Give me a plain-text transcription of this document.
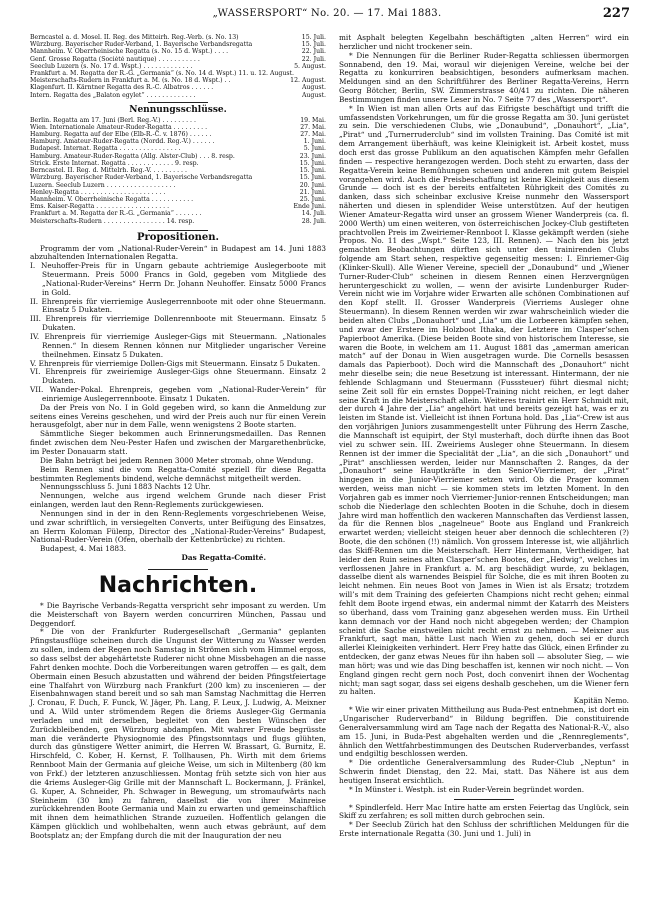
„WASSERSPORT“ No. 20. — 17. Mai 1883.	227
Berncastel a. d. Mosel. II. Reg. des Mitteirh. Reg.-Verb. (s. No. 13)	15. Juli.
Würzburg. Bayerischer Ruder-Verband, 1. Bayerische Verbandsregatta	15. Juli.
Mannheim. V. Oberrheinische Regatta (s. No. 15 d. Wspt.) . . . .	22. Juli.
Genf. Grosse Regatta (Société nautique) . . . . . . . . . . .	22. Juli.
Seeclub Luzern (s. No. 17 d. Wspt.) . . . . . . . . . . . . .	5. August.
Frankfurt a. M. Regatta der R.-G. „Germania“ (s. No. 14 d. Wspt.) 11. u. 12. August.
Meisterschafts-Rudern in Frankfurt a. M. (s. No. 18 d. Wspt.) . .	12. August.
Klagenfurt. II. Kärntner Regatta des R.-C. Albatros . . . . . .	August.
Intern. Regatta des „Balaton egylet“ . . . . . . . . . . . . .	August.
Nennungsschlüsse.
Berlin. Regatta am 17. Juni (Berl. Reg.-V.) . . . . . . . . .	19. Mai.
Wien. Internationale Amateur-Ruder-Regatta . . . . . . . . .	27. Mai.
Hamburg. Regatta auf der Elbe (Elb-R.-C. v. 1876) . . . . . .	27. Mai.
Hamburg. Amateur-Ruder-Regatta (Nordd. Reg.-V.) . . . . . .	1. Juni.
Budapest. Internat. Regatta . . . . . . . . . . . . . . . .	5. Juni.
Hamburg. Amateur-Ruder-Regatta (Allg. Alster-Club) . . . 8. resp.	23. Juni.
Strick. Erste Internat. Regatta . . . . . . . . . . . . 9. resp.	15. Juni.
Berncastel. II. Reg. d. Mittelrh. Reg.-V. . . . . . . . . .	15. Juni.
Würzburg. Bayerischer Ruder-Verband, 1. Bayerische Verbandsregatta	15. Juni.
Luzern. Seeclub Luzern . . . . . . . . . . . . . . . . . .	20. Juni.
Henley-Regatta . . . . . . . . . . . . . . . . . . . . . .	21. Juni.
Mannheim. V. Oberrheinische Regatta . . . . . . . . . . .	25. Juni.
Ems. Kaiser-Regatta . . . . . . . . . . . . . . . . . . .	Ende Juni.
Frankfurt a. M. Regatta der R.-G. „Germania“ . . . . . . .	14. Juli.
Meisterschafts-Rudern . . . . . . . . . . . . . . . . 14. resp.	28. Juli.
Propositionen.

Programm der vom „National-Ruder-Verein“ in Budapest am 14. Juni 1883 abzuhaltenden Internationalen Regatta.

I. Neuhoffer-Preis für in Ungarn gebaute achtriemige Auslegerboote mit Steuermann. Preis 5000 Francs in Gold, gegeben vom Mitgliede des „National-Ruder-Vereins“ Herrn Dr. Johann Neuhoffer. Einsatz 5000 Francs in Gold.

II. Ehrenpreis für vierriemige Auslegerrennboote mit oder ohne Steuermann. Einsatz 5 Dukaten.

III. Ehrenpreis für vierriemige Dollenrennboote mit Steuermann. Einsatz 5 Dukaten.

IV. Ehrenpreis für vierriemige Ausleger-Gigs mit Steuermann. „Nationales Rennen.“ In diesem Rennen können nur Mitglieder ungarischer Vereine theilnehmen. Einsatz 5 Dukaten.

V. Ehrenpreis für vierriemige Dollen-Gigs mit Steuermann. Einsatz 5 Dukaten.

VI. Ehrenpreis für zweiriemige Ausleger-Gigs ohne Steuermann. Einsatz 2 Dukaten.

VII. Wander-Pokal. Ehrenpreis, gegeben vom „National-Ruder-Verein“ für einriemige Auslegerrennboote. Einsatz 1 Dukaten.

Da der Preis von No. I in Gold gegeben wird, so kann die Anmeldung zur seitens eines Vereins geschehen, und wird der Preis auch nur für einen Verein herausgefolgt, aber nur in dem Falle, wenn wenigstens 2 Boote starten.

Sämmtliche Sieger bekommen auch Erinnerungsmedaillen. Das Rennen findet zwischen dem Neu-Pester Hafen und zwischen der Margarethenbrücke, im Pester Donauarm statt.

Die Bahn beträgt bei jedem Rennen 3000 Meter stromab, ohne Wendung.

Beim Rennen sind die vom Regatta-Comité speziell für diese Regatta bestimmten Reglements bindend, welche demnächst mitgetheilt werden.

Nennungsschluss 5. Juni 1883 Nachts 12 Uhr.

Nennungen, welche aus irgend welchem Grunde nach dieser Frist einlangen, werden laut den Renn-Reglements zurückgewiesen.

Nennungen sind in der in den Renn-Reglements vorgeschriebenen Weise, und zwar schriftlich, in versiegelten Converts, unter Beifügung des Einsatzes, an Herrn Koloman Füleпp, Director des „National-Ruder-Vereins“ Budapest, National-Ruder-Verein (Ofen, oberhalb der Kettenbrücke) zu richten.

Budapest, 4. Mai 1883.

Das Regatta-Comité.
Nachrichten.

* Die Bayrische Verbands-Regatta verspricht sehr imposant zu werden. Um die Meisterschaft von Bayern werden concurriren München, Passau und Deggendorf.

* Die von der Frankfurter Rudergesellschaft „Germania“ geplanten Pfingstausflüge scheinen durch die Ungunst der Witterung zu Wasser werden zu sollen, indem der Regen noch Samstag in Strömen sich vom Himmel ergoss, so dass selbst der abgehärtetste Ruderer nicht ohne Missbehagen an die nasse Fahrt denken mochte. Doch die Vorbereitungen waren getroffen — es galt, dem Obermain einen Besuch abzustatten und während der beiden Pfingstfeiertage eine Thalfahrt von Würzburg nach Frankfurt (200 km) zu inscenieren — der Eisenbahnwagen stand bereit und so sah man Samstag Nachmittag die Herren J. Cronau, F. Duch, F. Funck, W. Jäger, Ph. Lang, F. Leux, J. Ludwig, A. Meixner und A. Wild unter strömendem Regen die 8riems Ausleger-Gig Germania verladen und mit derselben, begleitet von den besten Wünschen der Zurückbleibenden, gen Würzburg abdampfen. Mit wahrer Freude begrüsste man die veränderte Physiognomie des Pfingstsonntags und flugs glühten, durch das günstigere Wetter animirt, die Herren W. Brassart, G. Burnitz, E. Hirschfeld, C. Kober, H. Kernst, F. Tollhausen, Ph. Wirth mit dem 6riems Rennboot Main der Germania auf gleiche Weise, um sich in Miltenberg (80 km von Frkf.) der letzteren anzuschliessen. Montag früh setzte sich von hier aus die 4riems Ausleger-Gig Grille mit der Mannschaft L. Bockermann, J. Fränkel, G. Kuper, A. Schneider, Ph. Schwager in Bewegung, um stromaufwärts nach Steinheim (30 km) zu fahren, daselbst die von ihrer Mainreise zurückkehrenden Boote Germania und Main zu erwarten und gemeinschaftlich mit ihnen dem heimathlichen Strande zuzueilen. Hoffentlich gelangen die Kämpen glücklich und wohlbehalten, wenn auch etwas gebräunt, auf dem Bootsplatz an; der Empfang durch die mit der Inauguration der neu

mit Asphalt belegten Kegelbahn beschäftigten „alten Herren“ wird ein herzlicher und nicht trockener sein.

* Die Nennungen für die Berliner Ruder-Regatta schliessen übermorgen Sonnabend, den 19. Mai, woraul wir diejenigen Vereine, welche bei der Regatta zu konkurriren beabsichtigen, besonders aufmerksam machen. Meldungen sind an den Schriftführer des Berliner Regatta-Vereins, Herrn Georg Bötcher, Berlin, SW. Zimmerstrasse 40/41 zu richten. Die näheren Bestimmungen finden unsere Leser in No. 7 Seite 77 des „Wassersport“.

* In Wien ist man allen Orts auf das Eifrigste beschäftigt und trifft die umfassendsten Vorkehrungen, um für die grosse Regatta am 30. Juni gerüstet zu sein. Die verschiedenen Clubs, wie „Donaubund“, „Donauhort“, „Lia“, „Pirat“ und „Turnerruderclub“ sind im vollsten Training. Das Comité ist mit dem Arrangement überhäuft, was keine Kleinigkeit ist. Arbeit kostet, muss doch erst das grosse Publikum an den aquatischen Kämpfen mehr Gefallen finden — respective herangezogen werden. Doch steht zu erwarten, dass der Regatta-Verein keine Bemühungen scheuen und anderen mit gutem Beispiel vorangehen wird. Auch die Preisbeschaffung ist keine Kleinigkeit aus diesem Grunde — doch ist es der bereits entfalteten Rührigkeit des Comités zu danken, dass sich scheinbar exclusive Kreise nunmehr den Wassersport näherten und diesen in splendider Weise unterstützen. Auf der heutigen Wiener Amateur-Regatta wird unser an grossem Wiener Wanderpreis (ca. fl. 2000 Werth) um einen weiteren, von österreichischen Jockey-Club gestifteten prachtvollen Preis im Zweiriemer-Rennboot I. Klasse gekämpft werden (siehe Propos. No. 11 des „Wspt.“ Seite 123, III. Rennen). — Nach den bis jetzt gemachten Beobachtungen dürften sich unter den trainirenden Clubs folgende am Start sehen, respektive gegenseitig messen: I. Einriemer-Gig (Klinker-Skull). Alle Wiener Vereine, speciell der „Donaubund“ und „Wiener Turner-Ruder-Club“ scheinen in diesem Rennen einen Herzvergnügen heruntergeschickt zu wollen, — wenn der avisirte Lundenburger Ruder-Verein nicht wie im Vorjahre wider Erwarten alle schönen Combinationen auf den Kopf stellt. II. Grosser Wanderpreis (Vierriems Ausleger ohne Steuermann). In diesem Rennen werden wir zwar wahrscheinlich wieder die beiden alten Clubs „Donauhort“ und „Lia“ um die Lorbeeren kämpfen sehen, und zwar der Erstere im Holzboot Ithaka, der Letztere im Clasper’schen Papierboot Amerika. (Diese beiden Boote sind von historischem Interesse, sie waren die Boote, in welchem am 11. August 1881 das „amerman american match“ auf der Donau in Wien ausgetragen wurde. Die Cornells besassen damals das Papierboot). Doch wird die Mannschaft des „Donauhort“ nicht mehr dieselbe sein; die neue Besetzung ist interessant. Hintermann, der nie fehlende Schlagmann und Steuermann (Fusssteuer) führt diesmal nicht; seine Zeit soll für ein ernstes Doppel-Training nicht reichen, er legt daher seine Kraft in die Meisterschaft allein. Weiteres trainirt ein Herr Schmidt mit, der durch 4 Jahre der „Lia“ angehört hat und bereits gezeigt hat, was er zu leisten im Stande ist. Vielleicht ist ihnen Fortuna hold. Das „Lia“-Crew ist aus den vorjährigen Juniors zusammengestellt unter Führung des Herrn Zasche, die Mannschaft ist equipirt, der Styl musterhaft, doch dürfte ihnen das Boot viel zu schwer sein. III. Zweiriems Ausleger ohne Steuermann. In diesem Rennen ist der immer die Specialität der „Lia“, an die sich „Donauhort“ und „Pirat“ anschliessen werden, leider nur Mannschaften 2. Ranges, da der „Donauhort“ seine Hauptkräfte in den Senior-Vierriemer, der „Pirat“ hingegen in die Junior-Vierriemer setzen wird. Ob die Prager kommen werden, weiss man nicht — sie kommen stets im letzten Moment. In den Vorjahren gab es immer noch Vierriemer-Junior-rennen Entscheidungen; man schob die Niederlage den schlechten Booten in die Schuhe, doch in diesem Jahre wird man hoffentlich den wackeren Mannschaften das Verdienst lassen, da für die Rennen blos „nagelneue“ Boote aus England und Frankreich erwartet werden; vielleicht steigen heuer aber dennoch die schlechteren (?) Boote, die den schönen (!!) nämlich. Von grossem Interesse ist, wie alljährlich das Skiff-Rennen um die Meisterschaft. Herr Hintermann, Vertheidiger, hat leider den Ruin seines alten Clasper’schen Bootes, der „Hedwig“, welches im verflossenen Jahre in Frankfurt a. M. arg beschädigt wurde, zu beklagen, dasselbe dient als warnendes Beispiel für Solche, die es mit ihren Booten zu leicht nehmen. Ein neues Boot von James in Wien ist als Ersatz; trotzdem will’s mit dem Training des gefeierten Champions nicht recht gehen; einmal fehlt dem Boote irgend etwas, ein andermal nimmt der Katarrh des Meisters so überhand, dass vom Training ganz abgesehen werden muss. Ein Urtheil kann demnach vor der Hand noch nicht abgegeben werden; der Champion scheint die Sache einstweilen nicht recht ernst zu nehmen. — Meixner aus Frankfurt, sagt man, hätte Lust nach Wien zu gehen, doch sei er durch allerlei Kleinigkeiten verhindert. Herr Frey hatte das Glück, einen Erfinder zu entdecken, der ganz etwas Neues für ihn haben soll — absoluter Sieg, — wie man hört; was und wie das Ding beschaffen ist, kennen wir noch nicht. — Von England gingen recht gern noch Post, doch convenirt ihnen der Wochentag nicht; man sagt sogar, dass sei eigens deshalb geschehen, um die Wiener fern zu halten.

Kapitän Nemo.

* Wie wir einer privaten Mittheilung aus Buda-Pest entnehmen, ist dort ein „Ungarischer Ruderverband“ in Bildung begriffen. Die constituirende Generalversammlung wird am Tage nach der Regatta des National-R.-V., also am 15. Juni, in Buda-Pest abgehalten werden und die „Rennreglements“, ähnlich den Wettfahrbestimmungen des Deutschen Ruderverbandes, verfasst und endgiltig beschlossen werden.

* Die ordentliche Generalversammlung des Ruder-Club „Neptun“ in Schwerin findet Dienstag, den 22. Mai, statt. Das Nähere ist aus dem heutigen Inserat ersichtlich.

* In Münster i. Westph. ist ein Ruder-Verein begründet worden.

* Spindlerfeld. Herr Mac Intire hatte am ersten Feiertag das Unglück, sein Skiff zu zerfahren; es soll mitten durch gebrochen sein.

* Der Seeclub Zürich hat den Schluss der schriftlichen Meldungen für die Erste internationale Regatta (30. Juni und 1. Juli) in
